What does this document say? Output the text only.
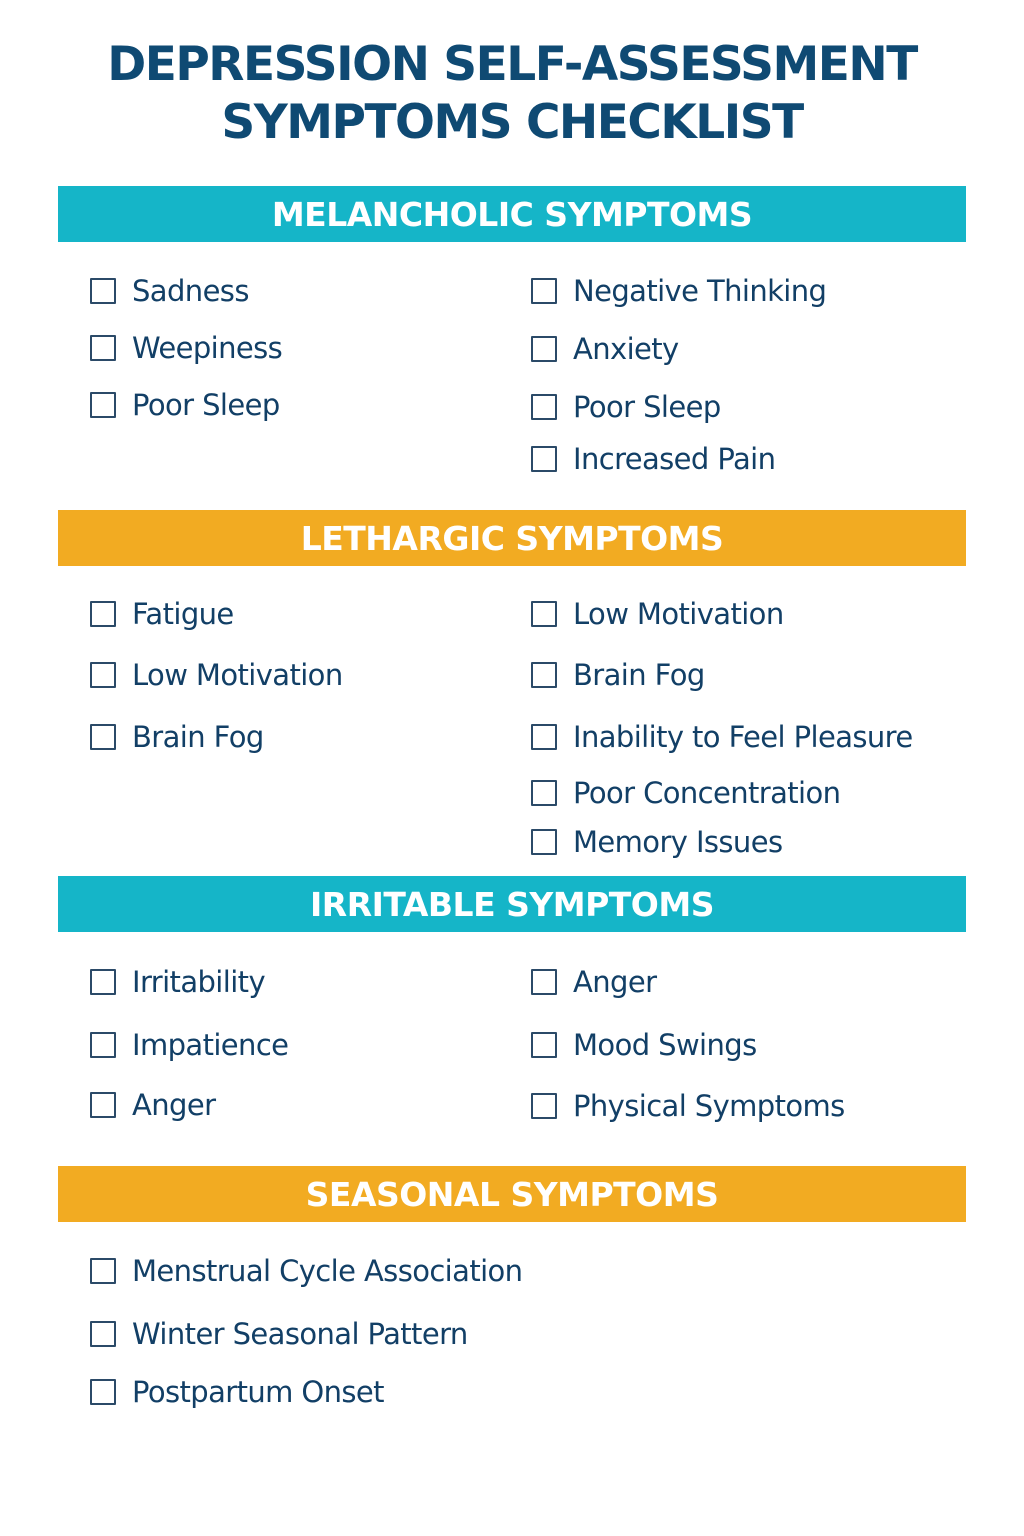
DEPRESSION SELF-ASSESSMENT
SYMPTOMS CHECKLIST
MELANCHOLIC SYMPTOMS
Sadness
Weepiness
Poor Sleep
Negative Thinking
Anxiety
Poor Sleep
Increased Pain
LETHARGIC SYMPTOMS
Fatigue
Low Motivation
Brain Fog
Low Motivation
Brain Fog
Inability to Feel Pleasure
Poor Concentration
Memory Issues
IRRITABLE SYMPTOMS
Irritability
Impatience
Anger
Anger
Mood Swings
Physical Symptoms
SEASONAL SYMPTOMS
Menstrual Cycle Association
Winter Seasonal Pattern
Postpartum Onset
